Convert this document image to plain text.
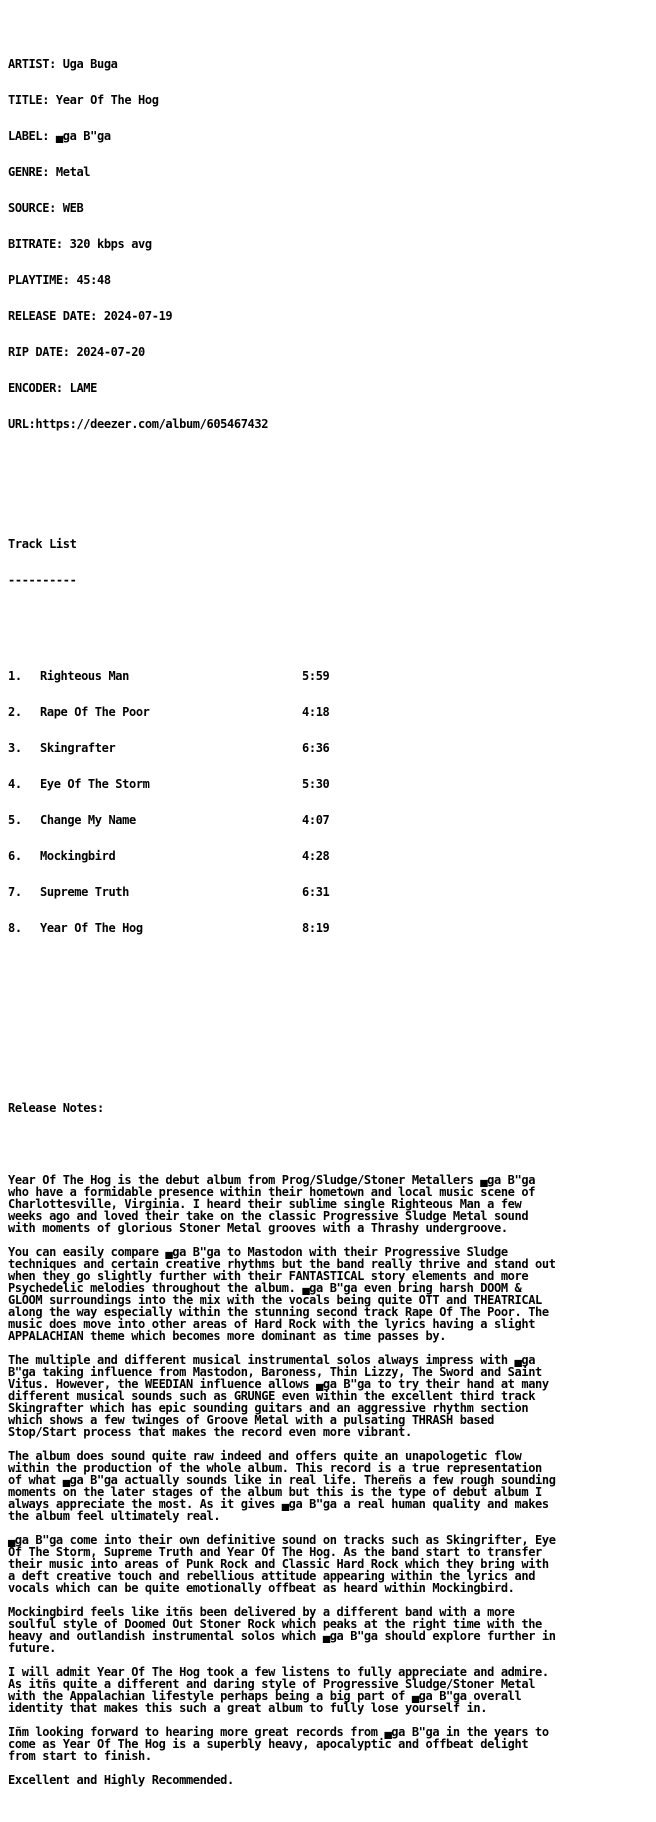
ARTIST: Uga Buga

TITLE: Year Of The Hog

LABEL: ▄ga B"ga

GENRE: Metal

SOURCE: WEB

BITRATE: 320 kbps avg

PLAYTIME: 45:48

RELEASE DATE: 2024-07-19

RIP DATE: 2024-07-20

ENCODER: LAME

URL:https://deezer.com/album/605467432

Track List

----------

1. Righteous Man	5:59

2. Rape Of The Poor	4:18

3. Skingrafter	6:36

4. Eye Of The Storm	5:30

5. Change My Name	4:07

6. Mockingbird	4:28

7. Supreme Truth	6:31

8. Year Of The Hog	8:19

Release Notes:

Year Of The Hog is the debut album from Prog/Sludge/Stoner Metallers ▄ga B"ga
who have a formidable presence within their hometown and local music scene of
Charlottesville, Virginia. I heard their sublime single Righteous Man a few
weeks ago and loved their take on the classic Progressive Sludge Metal sound
with moments of glorious Stoner Metal grooves with a Thrashy undergroove.
You can easily compare ▄ga B"ga to Mastodon with their Progressive Sludge
techniques and certain creative rhythms but the band really thrive and stand out
when they go slightly further with their FANTASTICAL story elements and more
Psychedelic melodies throughout the album. ▄ga B"ga even bring harsh DOOM &
GLOOM surroundings into the mix with the vocals being quite OTT and THEATRICAL
along the way especially within the stunning second track Rape Of The Poor. The
music does move into other areas of Hard Rock with the lyrics having a slight
APPALACHIAN theme which becomes more dominant as time passes by.
The multiple and different musical instrumental solos always impress with ▄ga
B"ga taking influence from Mastodon, Baroness, Thin Lizzy, The Sword and Saint
Vitus. However, the WEEDIAN influence allows ▄ga B"ga to try their hand at many
different musical sounds such as GRUNGE even within the excellent third track
Skingrafter which has epic sounding guitars and an aggressive rhythm section
which shows a few twinges of Groove Metal with a pulsating THRASH based
Stop/Start process that makes the record even more vibrant.
The album does sound quite raw indeed and offers quite an unapologetic flow
within the production of the whole album. This record is a true representation
of what ▄ga B"ga actually sounds like in real life. Thereñs a few rough sounding
moments on the later stages of the album but this is the type of debut album I
always appreciate the most. As it gives ▄ga B"ga a real human quality and makes
the album feel ultimately real.
▄ga B"ga come into their own definitive sound on tracks such as Skingrifter, Eye
Of The Storm, Supreme Truth and Year Of The Hog. As the band start to transfer
their music into areas of Punk Rock and Classic Hard Rock which they bring with
a deft creative touch and rebellious attitude appearing within the lyrics and
vocals which can be quite emotionally offbeat as heard within Mockingbird.
Mockingbird feels like itñs been delivered by a different band with a more
soulful style of Doomed Out Stoner Rock which peaks at the right time with the
heavy and outlandish instrumental solos which ▄ga B"ga should explore further in
future.
I will admit Year Of The Hog took a few listens to fully appreciate and admire.
As itñs quite a different and daring style of Progressive Sludge/Stoner Metal
with the Appalachian lifestyle perhaps being a big part of ▄ga B"ga overall
identity that makes this such a great album to fully lose yourself in.
Iñm looking forward to hearing more great records from ▄ga B"ga in the years to
come as Year Of The Hog is a superbly heavy, apocalyptic and offbeat delight
from start to finish.
Excellent and Highly Recommended.
